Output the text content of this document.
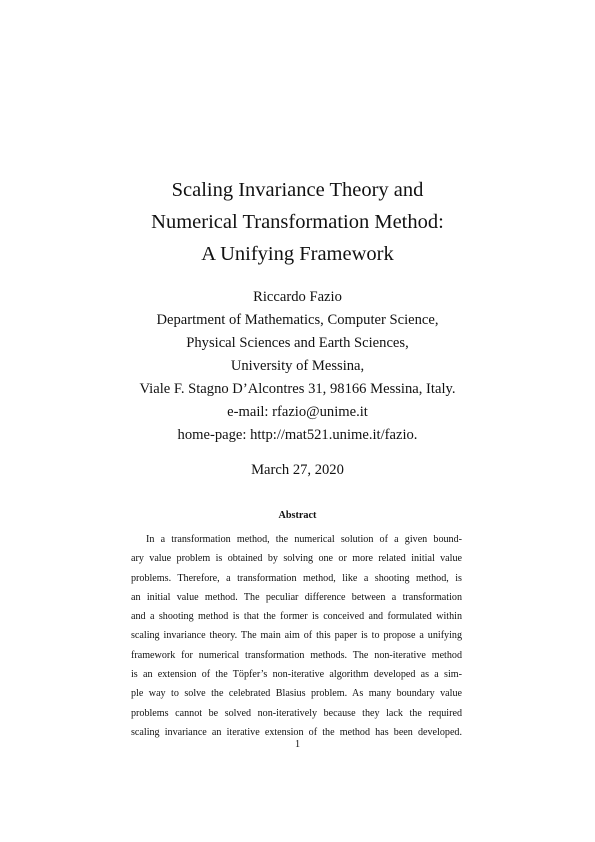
Scaling Invariance Theory and
Numerical Transformation Method:
A Unifying Framework
Riccardo Fazio
Department of Mathematics, Computer Science,
Physical Sciences and Earth Sciences,
University of Messina,
Viale F. Stagno D’Alcontres 31, 98166 Messina, Italy.
e-mail: rfazio@unime.it
home-page: http://mat521.unime.it/fazio.
March 27, 2020
Abstract
In a transformation method, the numerical solution of a given bound-
ary value problem is obtained by solving one or more related initial value
problems. Therefore, a transformation method, like a shooting method, is
an initial value method. The peculiar difference between a transformation
and a shooting method is that the former is conceived and formulated within
scaling invariance theory. The main aim of this paper is to propose a unifying
framework for numerical transformation methods. The non-iterative method
is an extension of the Töpfer’s non-iterative algorithm developed as a sim-
ple way to solve the celebrated Blasius problem. As many boundary value
problems cannot be solved non-iteratively because they lack the required
scaling invariance an iterative extension of the method has been developed.
1
